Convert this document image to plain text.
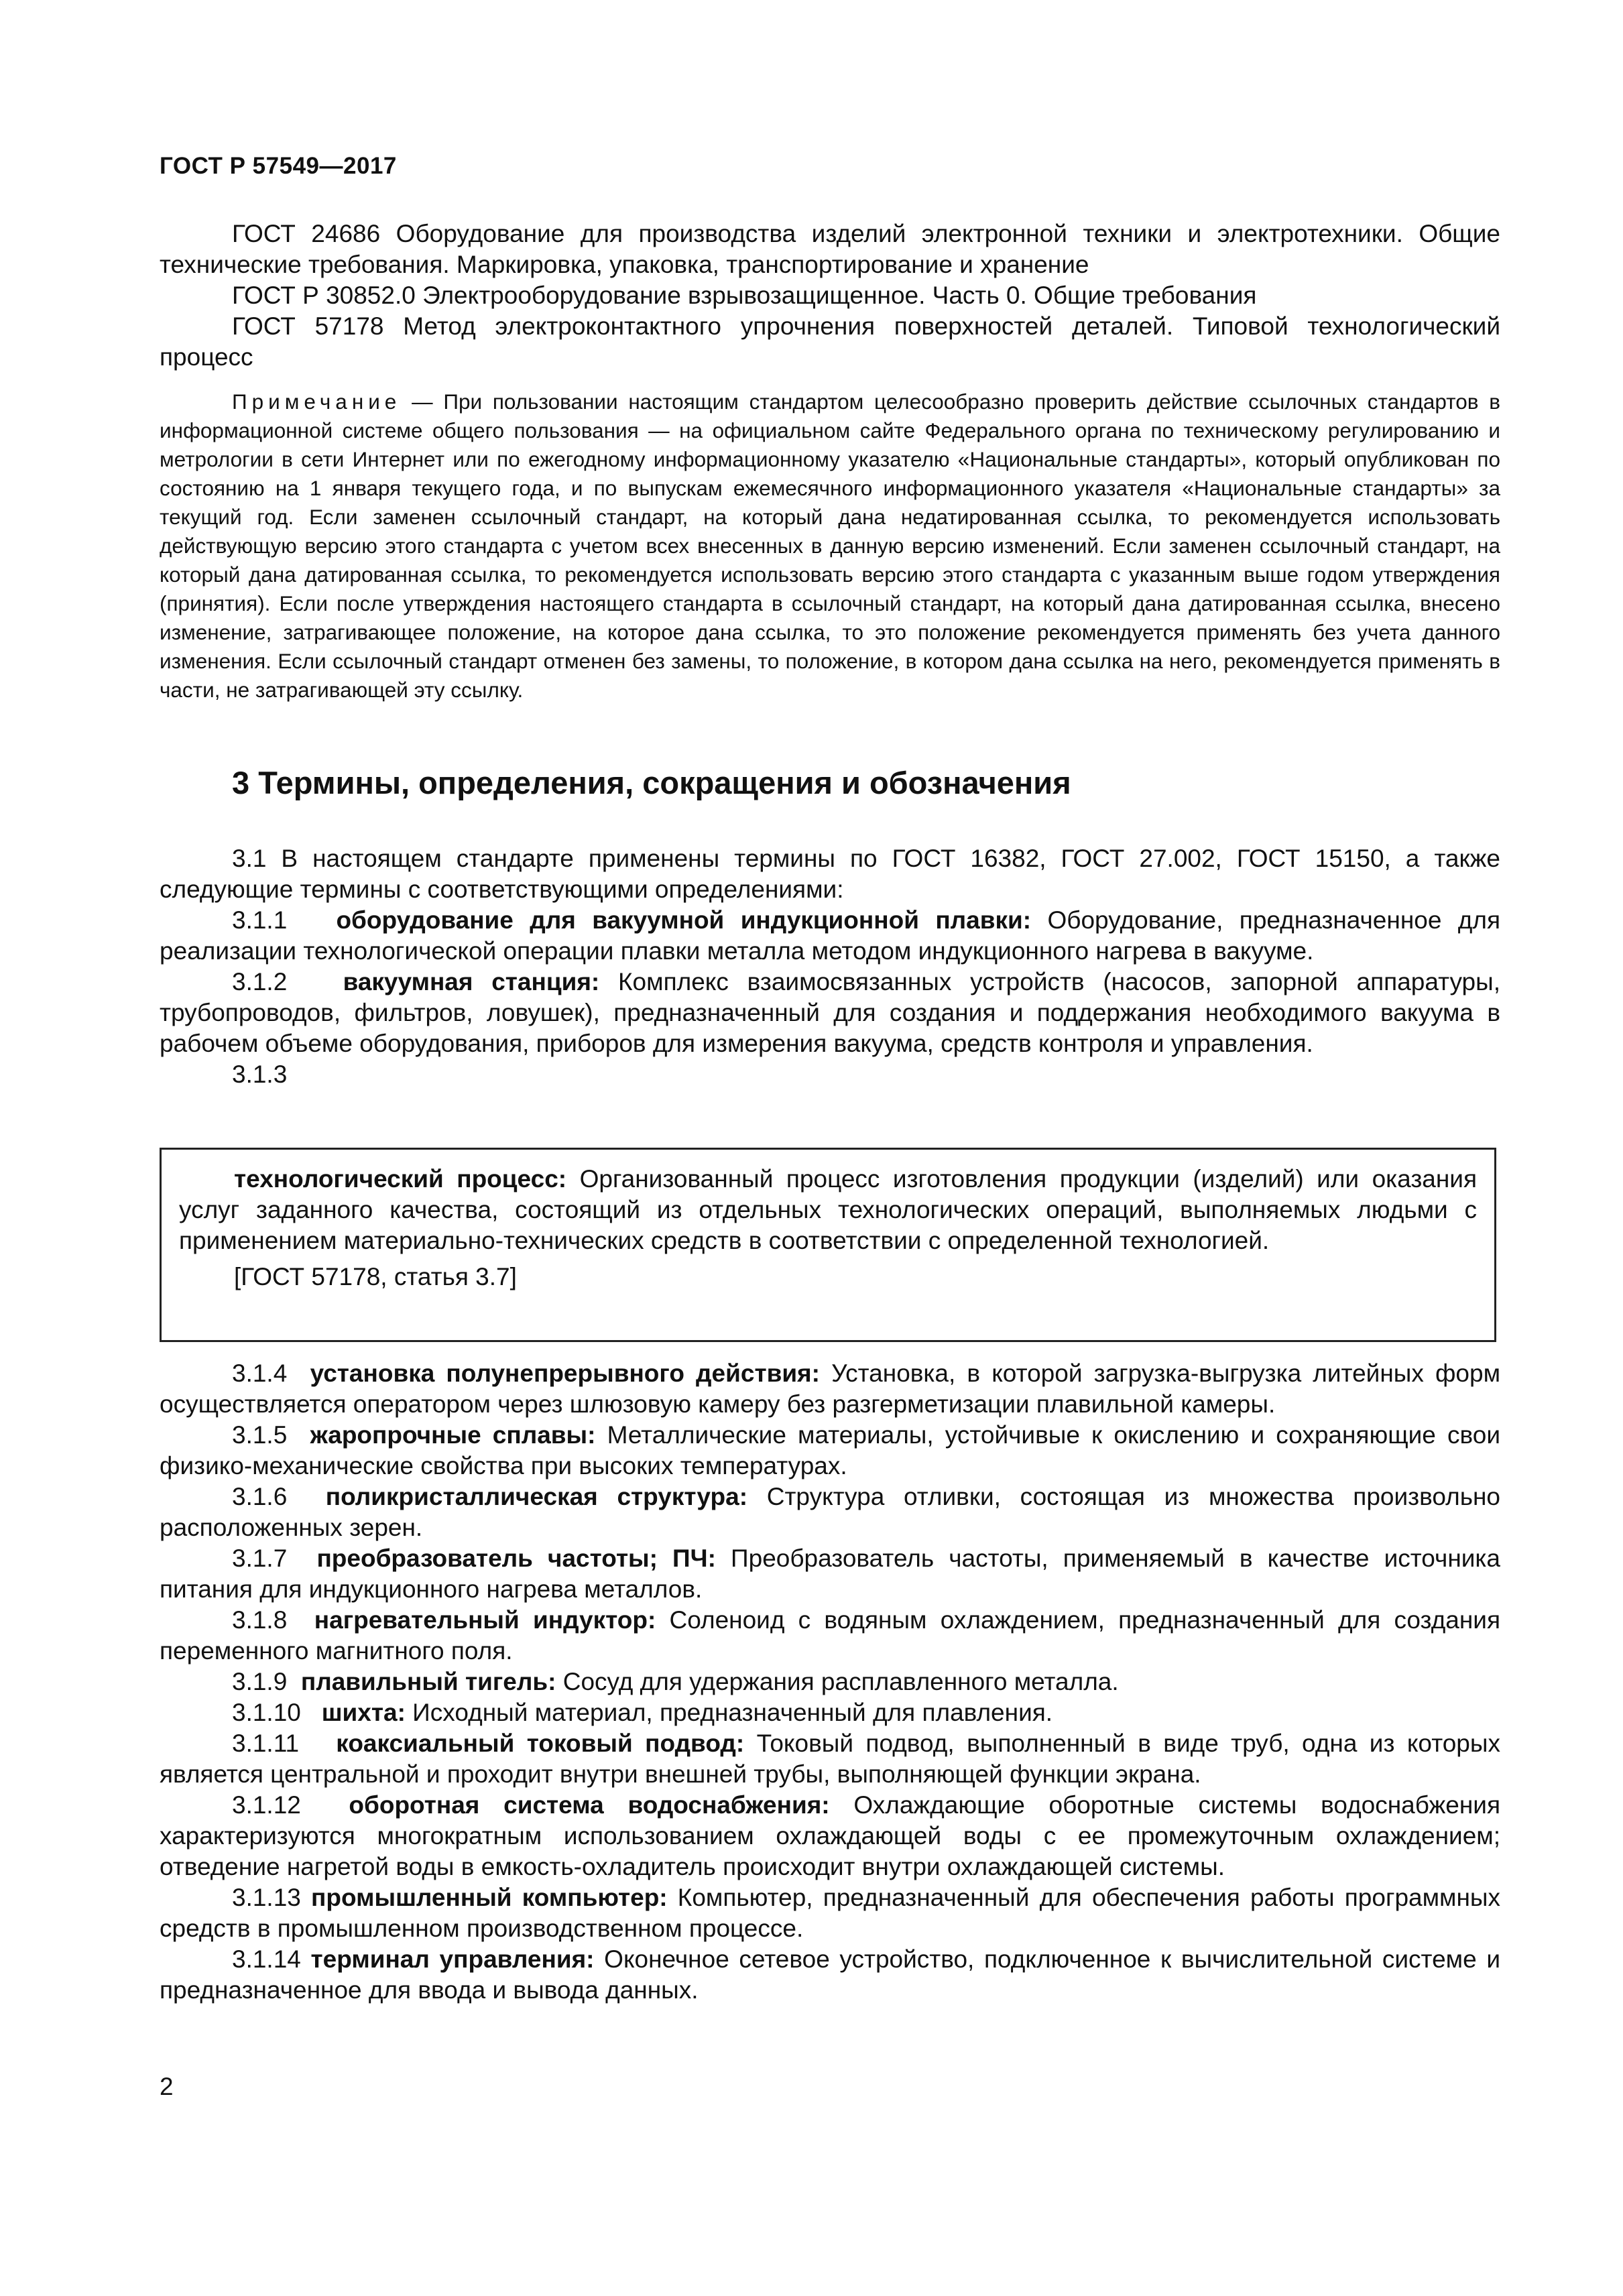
ГОСТ Р 57549—2017

ГОСТ 24686 Оборудование для производства изделий электронной техники и электротехники. Общие технические требования. Маркировка, упаковка, транспортирование и хранение

ГОСТ Р 30852.0 Электрооборудование взрывозащищенное. Часть 0. Общие требования

ГОСТ 57178 Метод электроконтактного упрочнения поверхностей деталей. Типовой технологический процесс

Примечание — При пользовании настоящим стандартом целесообразно проверить действие ссылочных стандартов в информационной системе общего пользования — на официальном сайте Федерального органа по техническому регулированию и метрологии в сети Интернет или по ежегодному информационному указателю «Национальные стандарты», который опубликован по состоянию на 1 января текущего года, и по выпускам ежемесячного информационного указателя «Национальные стандарты» за текущий год. Если заменен ссылочный стандарт, на который дана недатированная ссылка, то рекомендуется использовать действующую версию этого стандарта с учетом всех внесенных в данную версию изменений. Если заменен ссылочный стандарт, на который дана датированная ссылка, то рекомендуется использовать версию этого стандарта с указанным выше годом утверждения (принятия). Если после утверждения настоящего стандарта в ссылочный стандарт, на который дана датированная ссылка, внесено изменение, затрагивающее положение, на которое дана ссылка, то это положение рекомендуется применять без учета данного изменения. Если ссылочный стандарт отменен без замены, то положение, в котором дана ссылка на него, рекомендуется применять в части, не затрагивающей эту ссылку.

3 Термины, определения, сокращения и обозначения

3.1 В настоящем стандарте применены термины по ГОСТ 16382, ГОСТ 27.002, ГОСТ 15150, а также следующие термины с соответствующими определениями:

3.1.1 оборудование для вакуумной индукционной плавки: Оборудование, предназначенное для реализации технологической операции плавки металла методом индукционного нагрева в вакууме.

3.1.2 вакуумная станция: Комплекс взаимосвязанных устройств (насосов, запорной аппаратуры, трубопроводов, фильтров, ловушек), предназначенный для создания и поддержания необходимого вакуума в рабочем объеме оборудования, приборов для измерения вакуума, средств контроля и управления.

3.1.3

технологический процесс: Организованный процесс изготовления продукции (изделий) или оказания услуг заданного качества, состоящий из отдельных технологических операций, выполняемых людьми с применением материально-технических средств в соответствии с определенной технологией.

[ГОСТ 57178, статья 3.7]

3.1.4 установка полунепрерывного действия: Установка, в которой загрузка-выгрузка литейных форм осуществляется оператором через шлюзовую камеру без разгерметизации плавильной камеры.

3.1.5 жаропрочные сплавы: Металлические материалы, устойчивые к окислению и сохраняющие свои физико-механические свойства при высоких температурах.

3.1.6 поликристаллическая структура: Структура отливки, состоящая из множества произвольно расположенных зерен.

3.1.7 преобразователь частоты; ПЧ: Преобразователь частоты, применяемый в качестве источника питания для индукционного нагрева металлов.

3.1.8 нагревательный индуктор: Соленоид с водяным охлаждением, предназначенный для создания переменного магнитного поля.

3.1.9 плавильный тигель: Сосуд для удержания расплавленного металла.

3.1.10 шихта: Исходный материал, предназначенный для плавления.

3.1.11 коаксиальный токовый подвод: Токовый подвод, выполненный в виде труб, одна из которых является центральной и проходит внутри внешней трубы, выполняющей функции экрана.

3.1.12 оборотная система водоснабжения: Охлаждающие оборотные системы водоснабжения характеризуются многократным использованием охлаждающей воды с ее промежуточным охлаждением; отведение нагретой воды в емкость-охладитель происходит внутри охлаждающей системы.

3.1.13 промышленный компьютер: Компьютер, предназначенный для обеспечения работы программных средств в промышленном производственном процессе.

3.1.14 терминал управления: Оконечное сетевое устройство, подключенное к вычислительной системе и предназначенное для ввода и вывода данных.

2
